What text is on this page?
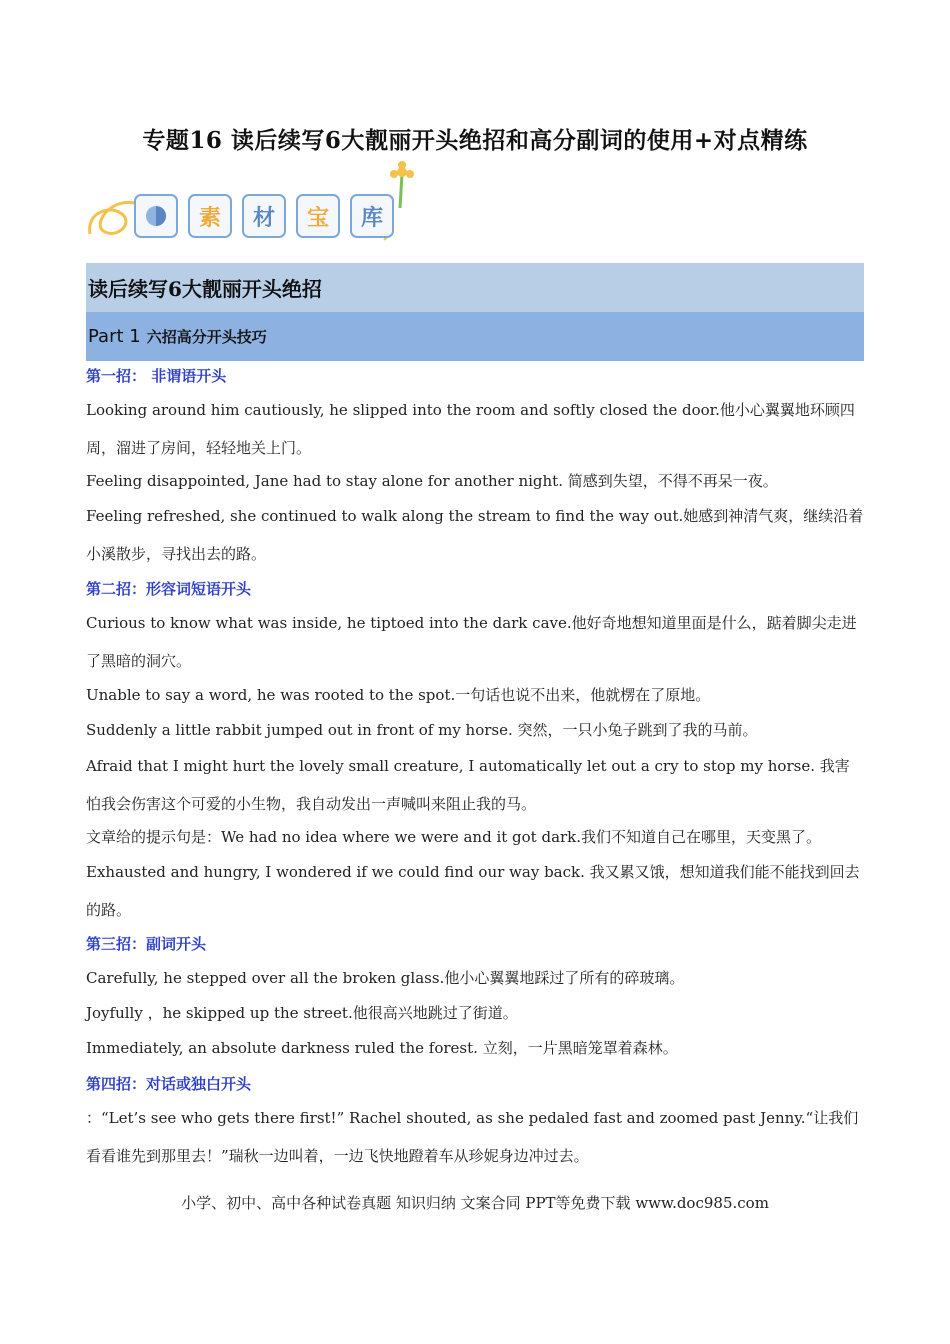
专题16 读后续写6大靓丽开头绝招和高分副词的使用+对点精练
素	材	宝	库
读后续写6大靓丽开头绝招
Part 1 六招高分开头技巧
第一招： 非谓语开头
Looking around him cautiously, he slipped into the room and softly closed the door.他小心翼翼地环顾四周，溜进了房间，轻轻地关上门。
Feeling disappointed, Jane had to stay alone for another night. 简感到失望，不得不再呆一夜。
Feeling refreshed, she continued to walk along the stream to find the way out.她感到神清气爽，继续沿着小溪散步，寻找出去的路。
第二招：形容词短语开头
Curious to know what was inside, he tiptoed into the dark cave.他好奇地想知道里面是什么，踮着脚尖走进了黑暗的洞穴。
Unable to say a word, he was rooted to the spot.一句话也说不出来，他就楞在了原地。
Suddenly a little rabbit jumped out in front of my horse. 突然，一只小兔子跳到了我的马前。
Afraid that I might hurt the lovely small creature, I automatically let out a cry to stop my horse. 我害怕我会伤害这个可爱的小生物，我自动发出一声喊叫来阻止我的马。
文章给的提示句是：We had no idea where we were and it got dark.我们不知道自己在哪里，天变黑了。
Exhausted and hungry, I wondered if we could find our way back. 我又累又饿，想知道我们能不能找到回去的路。
第三招：副词开头
Carefully, he stepped over all the broken glass.他小心翼翼地踩过了所有的碎玻璃。
Joyfully ，he skipped up the street.他很高兴地跳过了街道。
Immediately, an absolute darkness ruled the forest. 立刻，一片黑暗笼罩着森林。
第四招：对话或独白开头
：“Let’s see who gets there first!” Rachel shouted, as she pedaled fast and zoomed past Jenny.“让我们看看谁先到那里去！”瑞秋一边叫着，一边飞快地蹬着车从珍妮身边冲过去。
小学、初中、高中各种试卷真题 知识归纳 文案合同 PPT等免费下载 www.doc985.com
